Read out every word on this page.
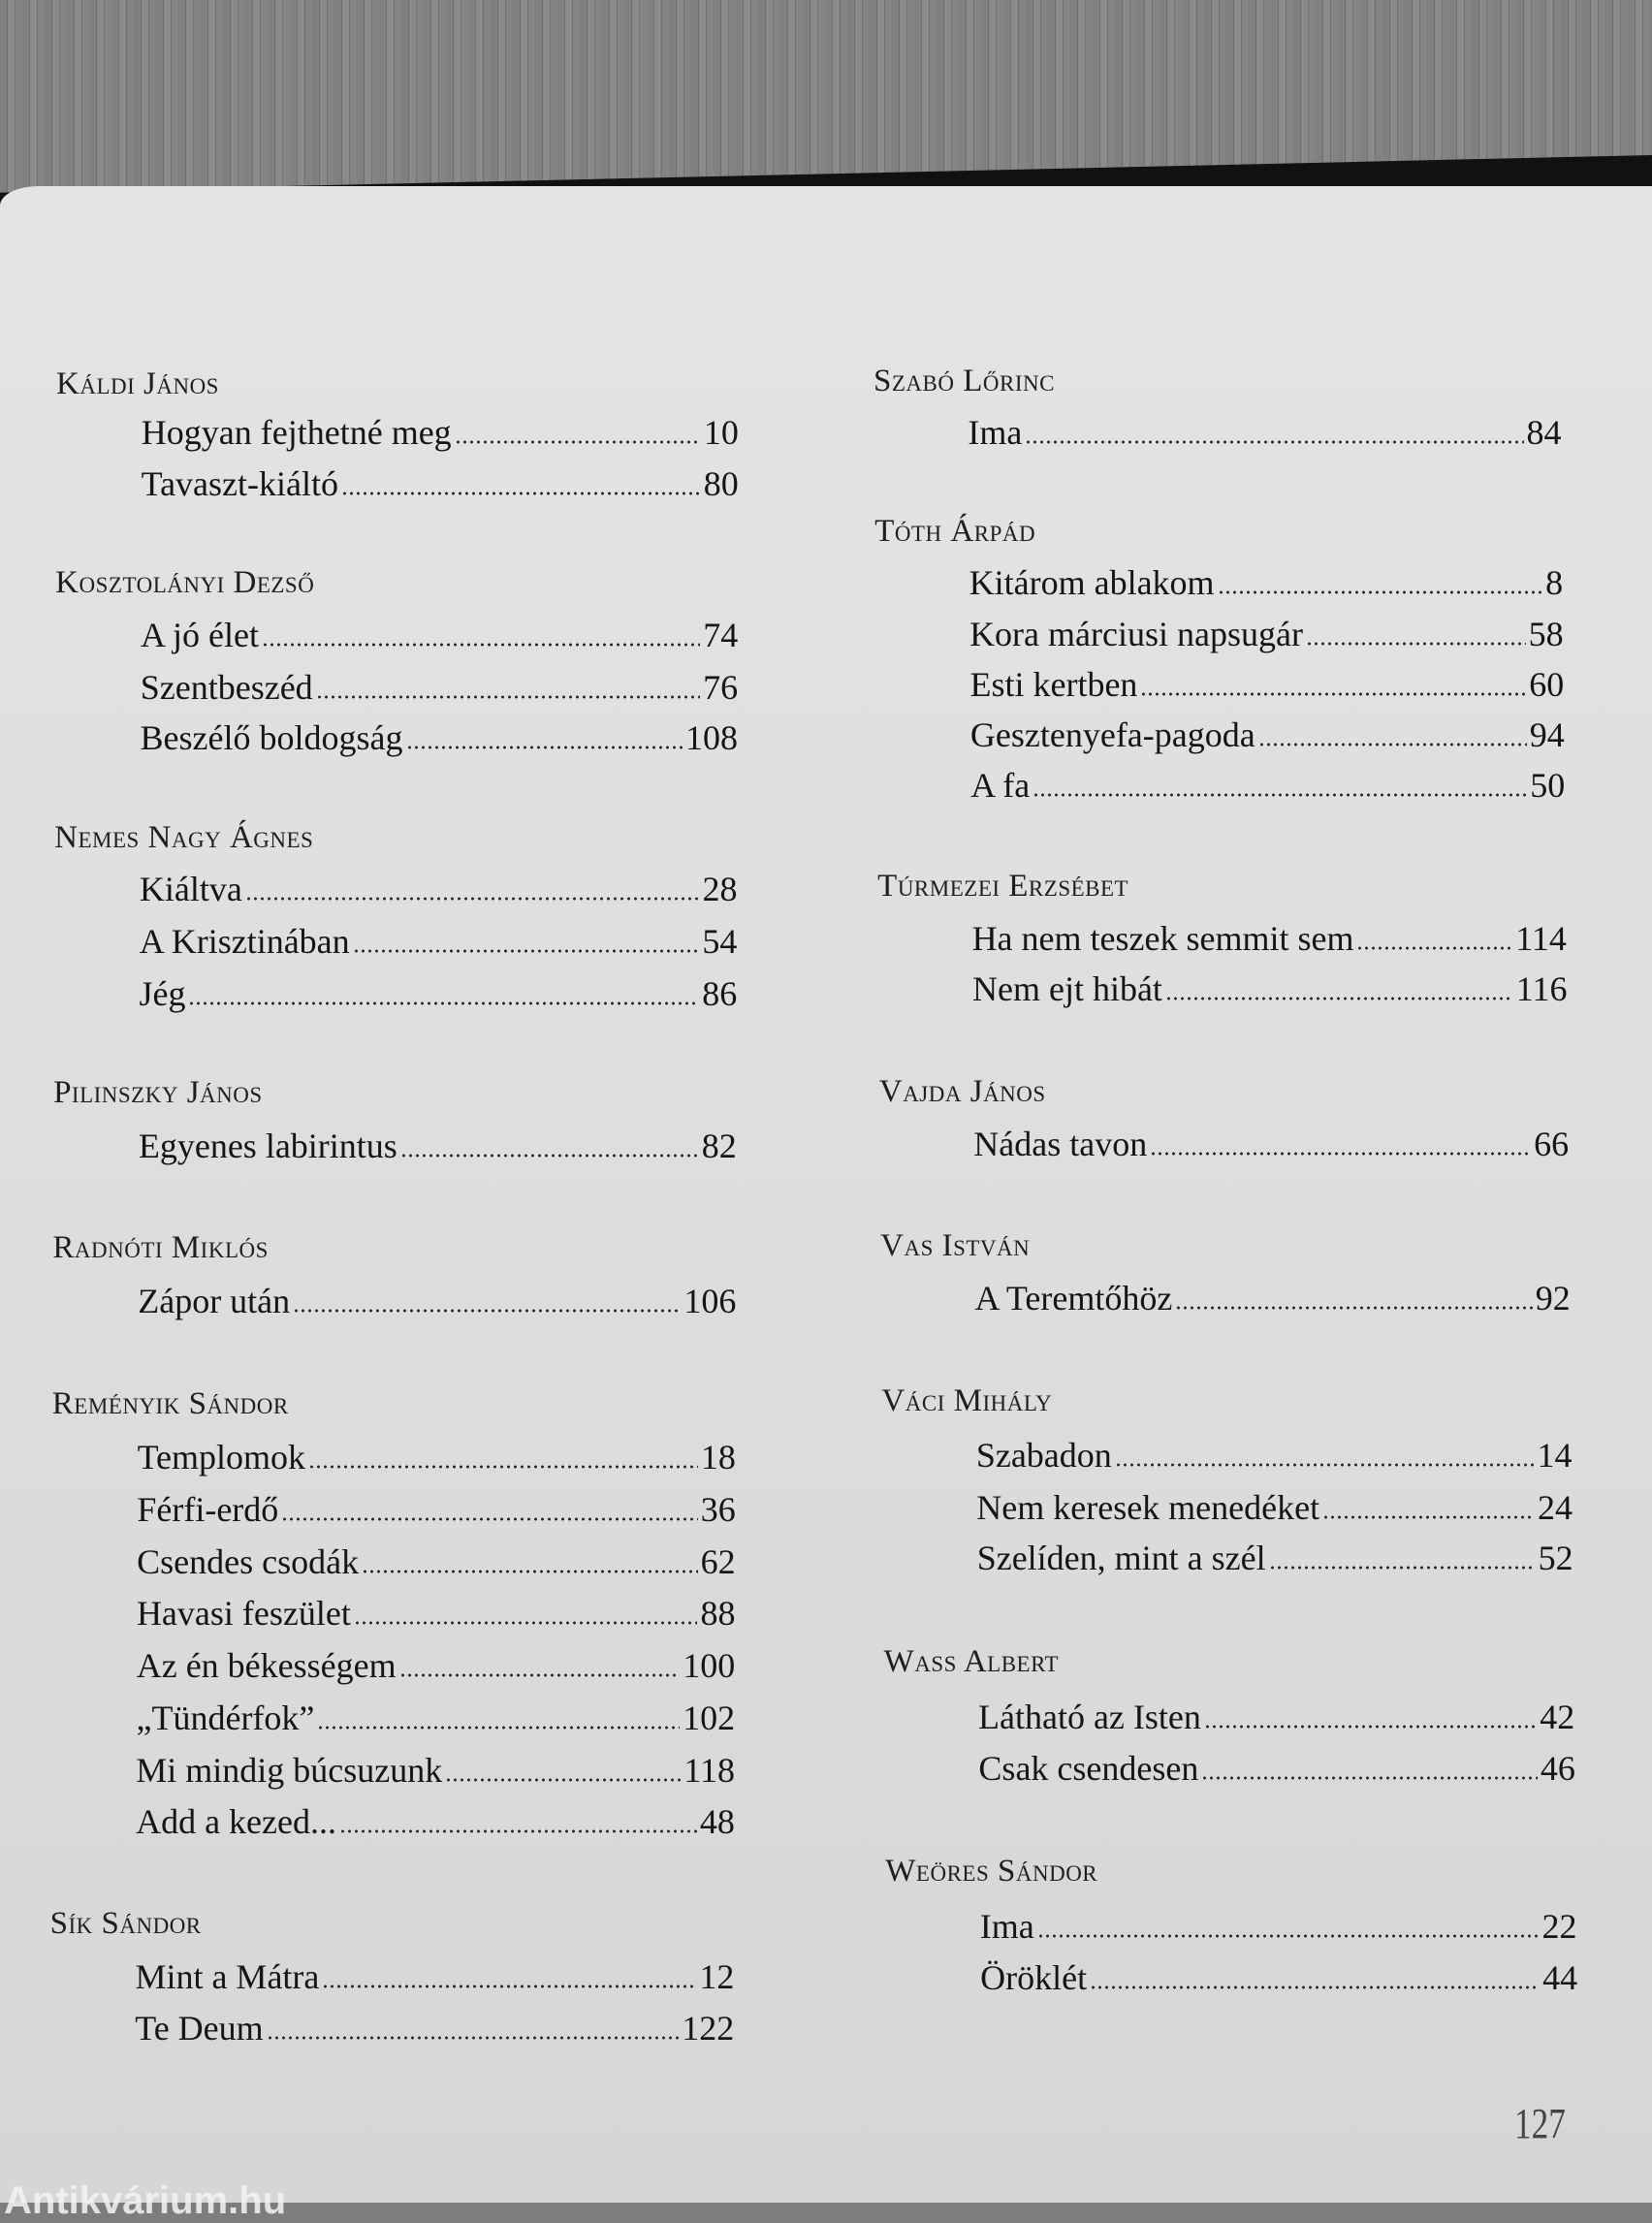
Káldi János
Hogyan fejthetné meg	10
Tavaszt-kiáltó	80
Kosztolányi Dezső
A jó élet	74
Szentbeszéd	76
Beszélő boldogság	108
Nemes Nagy Ágnes
Kiáltva	28
A Krisztinában	54
Jég	86
Pilinszky János
Egyenes labirintus	82
Radnóti Miklós
Zápor után	106
Reményik Sándor
Templomok	18
Férfi-erdő	36
Csendes csodák	62
Havasi feszület	88
Az én békességem	100
„Tündérfok”	102
Mi mindig búcsuzunk	118
Add a kezed...	48
Sík Sándor
Mint a Mátra	12
Te Deum	122
Szabó Lőrinc
Ima	84
Tóth Árpád
Kitárom ablakom	8
Kora márciusi napsugár	58
Esti kertben	60
Gesztenyefa-pagoda	94
A fa	50
Túrmezei Erzsébet
Ha nem teszek semmit sem	114
Nem ejt hibát	116
Vajda János
Nádas tavon	66
Vas István
A Teremtőhöz	92
Váci Mihály
Szabadon	14
Nem keresek menedéket	24
Szelíden, mint a szél	52
Wass Albert
Látható az Isten	42
Csak csendesen	46
Weöres Sándor
Ima	22
Öröklét	44
127
Antikvárium.hu
